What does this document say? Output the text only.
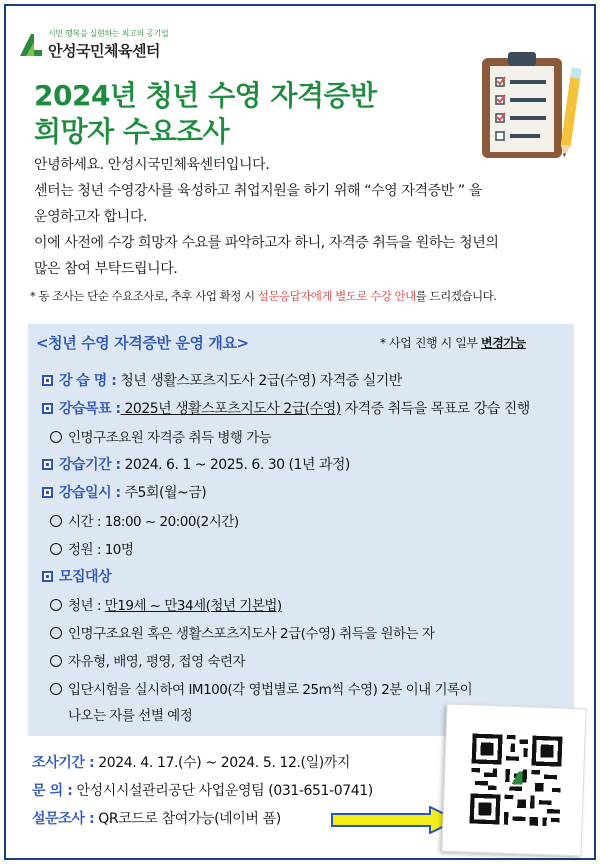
시민 행복을 실현하는 최고의 공기업
안성국민체육센터
2024년 청년 수영 자격증반
희망자 수요조사
안녕하세요. 안성시국민체육센터입니다.
센터는 청년 수영강사를 육성하고 취업지원을 하기 위해 “수영 자격증반 ” 을
운영하고자 합니다.
이에 사전에 수강 희망자 수요를 파악하고자 하니, 자격증 취득을 원하는 청년의
많은 참여 부탁드립니다.
* 동 조사는 단순 수요조사로, 추후 사업 확정 시 설문응답자에게 별도로 수강 안내를 드리겠습니다.
<청년 수영 자격증반 운영 개요>	* 사업 진행 시 일부 변경가능
강 습 명 : 청년 생활스포츠지도사 2급(수영) 자격증 실기반
강습목표 : 2025년 생활스포츠지도사 2급(수영) 자격증 취득을 목표로 강습 진행
인명구조요원 자격증 취득 병행 가능
강습기간 : 2024. 6. 1 ~ 2025. 6. 30 (1년 과정)
강습일시 : 주5회(월~금)
시간 : 18:00 ~ 20:00(2시간)
정원 : 10명
모집대상
청년 : 만19세 ~ 만34세(청년 기본법)
인명구조요원 혹은 생활스포츠지도사 2급(수영) 취득을 원하는 자
자유형, 배영, 평영, 접영 숙련자
입단시험을 실시하여 IM100(각 영법별로 25m씩 수영) 2분 이내 기록이
나오는 자를 선별 예정
조사기간 : 2024. 4. 17.(수) ~ 2024. 5. 12.(일)까지
문 의 : 안성시시설관리공단 사업운영팀 (031-651-0741)
설문조사 : QR코드로 참여가능(네이버 폼)
